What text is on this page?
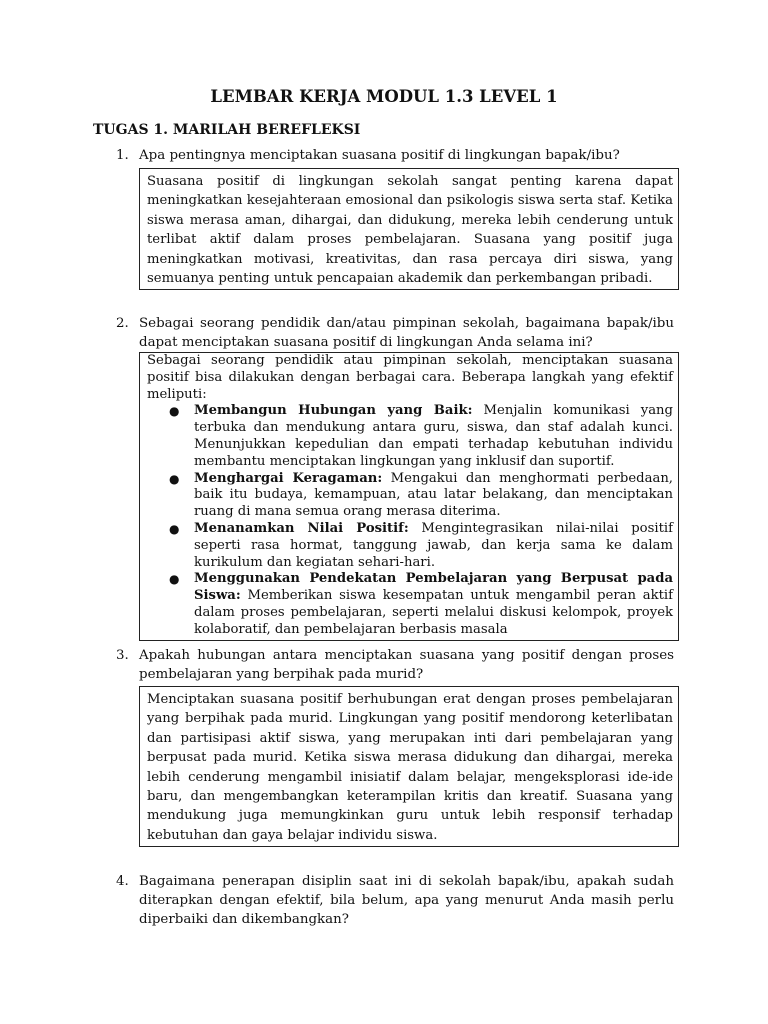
LEMBAR KERJA MODUL 1.3 LEVEL 1
TUGAS 1. MARILAH BEREFLEKSI
1. Apa pentingnya menciptakan suasana positif di lingkungan bapak/ibu?

Suasana positif di lingkungan sekolah sangat penting karena dapat meningkatkan kesejahteraan emosional dan psikologis siswa serta staf. Ketika siswa merasa aman, dihargai, dan didukung, mereka lebih cenderung untuk terlibat aktif dalam proses pembelajaran. Suasana yang positif juga meningkatkan motivasi, kreativitas, dan rasa percaya diri siswa, yang semuanya penting untuk pencapaian akademik dan perkembangan pribadi.

2. Sebagai seorang pendidik dan/atau pimpinan sekolah, bagaimana bapak/ibu dapat menciptakan suasana positif di lingkungan Anda selama ini?

Sebagai seorang pendidik atau pimpinan sekolah, menciptakan suasana positif bisa dilakukan dengan berbagai cara. Beberapa langkah yang efektif meliputi:

● Membangun Hubungan yang Baik: Menjalin komunikasi yang terbuka dan mendukung antara guru, siswa, dan staf adalah kunci. Menunjukkan kepedulian dan empati terhadap kebutuhan individu membantu menciptakan lingkungan yang inklusif dan suportif.
● Menghargai Keragaman: Mengakui dan menghormati perbedaan, baik itu budaya, kemampuan, atau latar belakang, dan menciptakan ruang di mana semua orang merasa diterima.
● Menanamkan Nilai Positif: Mengintegrasikan nilai-nilai positif seperti rasa hormat, tanggung jawab, dan kerja sama ke dalam kurikulum dan kegiatan sehari-hari.
● Menggunakan Pendekatan Pembelajaran yang Berpusat pada Siswa: Memberikan siswa kesempatan untuk mengambil peran aktif dalam proses pembelajaran, seperti melalui diskusi kelompok, proyek kolaboratif, dan pembelajaran berbasis masala
3. Apakah hubungan antara menciptakan suasana yang positif dengan proses pembelajaran yang berpihak pada murid?

Menciptakan suasana positif berhubungan erat dengan proses pembelajaran yang berpihak pada murid. Lingkungan yang positif mendorong keterlibatan dan partisipasi aktif siswa, yang merupakan inti dari pembelajaran yang berpusat pada murid. Ketika siswa merasa didukung dan dihargai, mereka lebih cenderung mengambil inisiatif dalam belajar, mengeksplorasi ide-ide baru, dan mengembangkan keterampilan kritis dan kreatif. Suasana yang mendukung juga memungkinkan guru untuk lebih responsif terhadap kebutuhan dan gaya belajar individu siswa.

4. Bagaimana penerapan disiplin saat ini di sekolah bapak/ibu, apakah sudah diterapkan dengan efektif, bila belum, apa yang menurut Anda masih perlu diperbaiki dan dikembangkan?
